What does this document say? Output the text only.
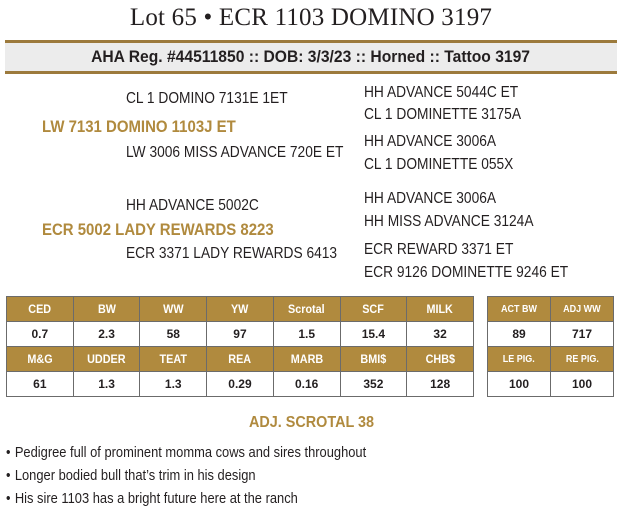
Lot 65 • ECR 1103 DOMINO 3197
AHA Reg. #44511850 :: DOB: 3/3/23 :: Horned :: Tattoo 3197
CL 1 DOMINO 7131E 1ET
LW 7131 DOMINO 1103J ET
LW 3006 MISS ADVANCE 720E ET
HH ADVANCE 5044C ET
CL 1 DOMINETTE 3175A
HH ADVANCE 3006A
CL 1 DOMINETTE 055X
HH ADVANCE 5002C
ECR 5002 LADY REWARDS 8223
ECR 3371 LADY REWARDS 6413
HH ADVANCE 3006A
HH MISS ADVANCE 3124A
ECR REWARD 3371 ET
ECR 9126 DOMINETTE 9246 ET
CED	BW	WW	YW	Scrotal	SCF	MILK
0.7	2.3	58	97	1.5	15.4	32
M&G	UDDER	TEAT	REA	MARB	BMI$	CHB$
61	1.3	1.3	0.29	0.16	352	128
ACT BW	ADJ WW
89	717
LE PIG.	RE PIG.
100	100
ADJ. SCROTAL 38
• Pedigree full of prominent momma cows and sires throughout
• Longer bodied bull that’s trim in his design
• His sire 1103 has a bright future here at the ranch
